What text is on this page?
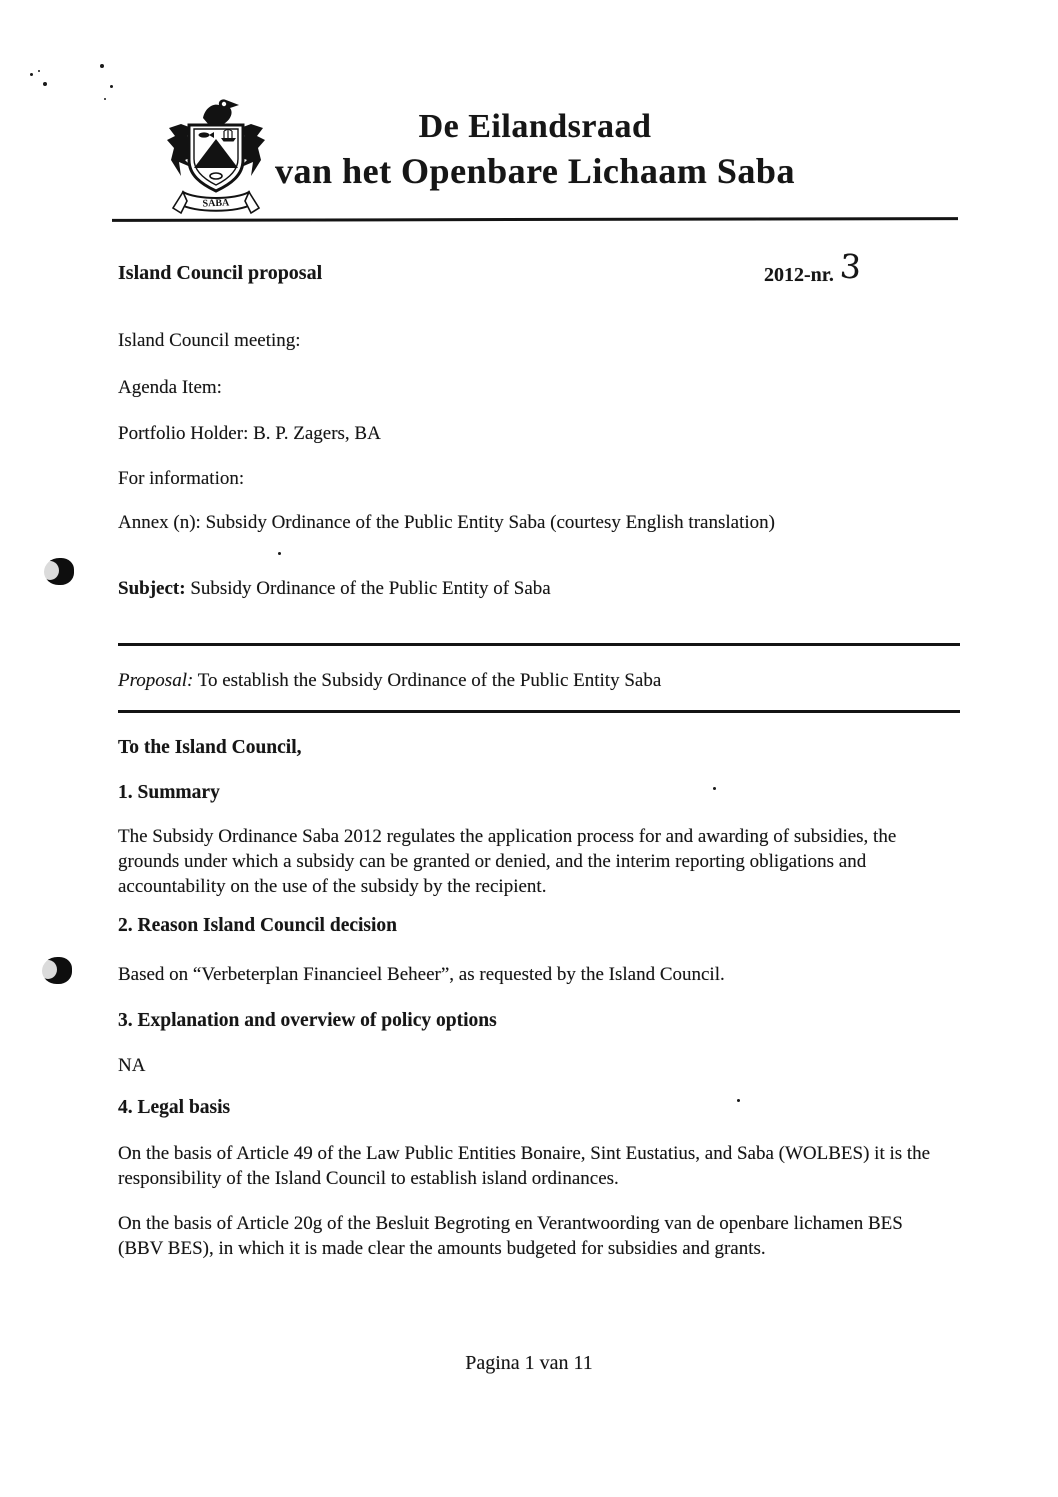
SABA
De Eilandsraad
van het Openbare Lichaam Saba
Island Council proposal	2012-nr. 3
Island Council meeting:
Agenda Item:
Portfolio Holder: B. P. Zagers, BA
For information:
Annex (n): Subsidy Ordinance of the Public Entity Saba (courtesy English translation)
Subject: Subsidy Ordinance of the Public Entity of Saba
Proposal: To establish the Subsidy Ordinance of the Public Entity Saba
To the Island Council,
1. Summary
The Subsidy Ordinance Saba 2012 regulates the application process for and awarding of subsidies, the grounds under which a subsidy can be granted or denied, and the interim reporting obligations and accountability on the use of the subsidy by the recipient.
2. Reason Island Council decision
Based on “Verbeterplan Financieel Beheer”, as requested by the Island Council.
3. Explanation and overview of policy options
NA
4. Legal basis
On the basis of Article 49 of the Law Public Entities Bonaire, Sint Eustatius, and Saba (WOLBES) it is the responsibility of the Island Council to establish island ordinances.
On the basis of Article 20g of the Besluit Begroting en Verantwoording van de openbare lichamen BES (BBV BES), in which it is made clear the amounts budgeted for subsidies and grants.
Pagina 1 van 11
